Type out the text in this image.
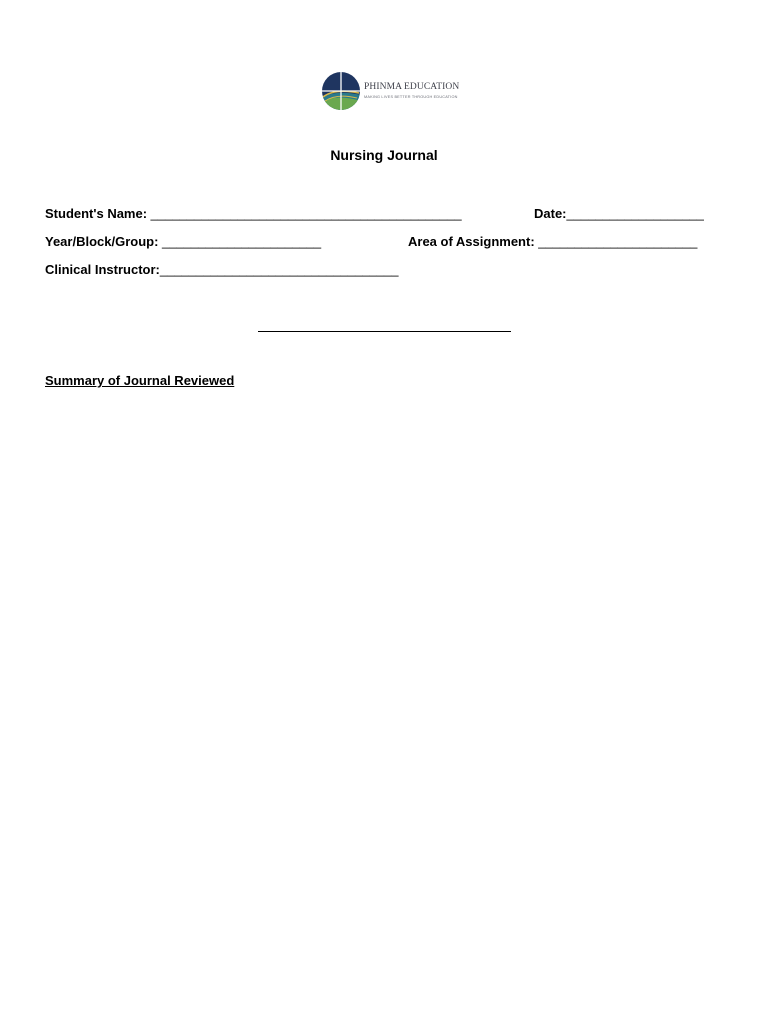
PHINMA EDUCATION
MAKING LIVES BETTER THROUGH EDUCATION
Nursing Journal
Student's Name: ___________________________________________	Date:___________________
Year/Block/Group: ______________________	Area of Assignment: ______________________
Clinical Instructor:_________________________________
Summary of Journal Reviewed
